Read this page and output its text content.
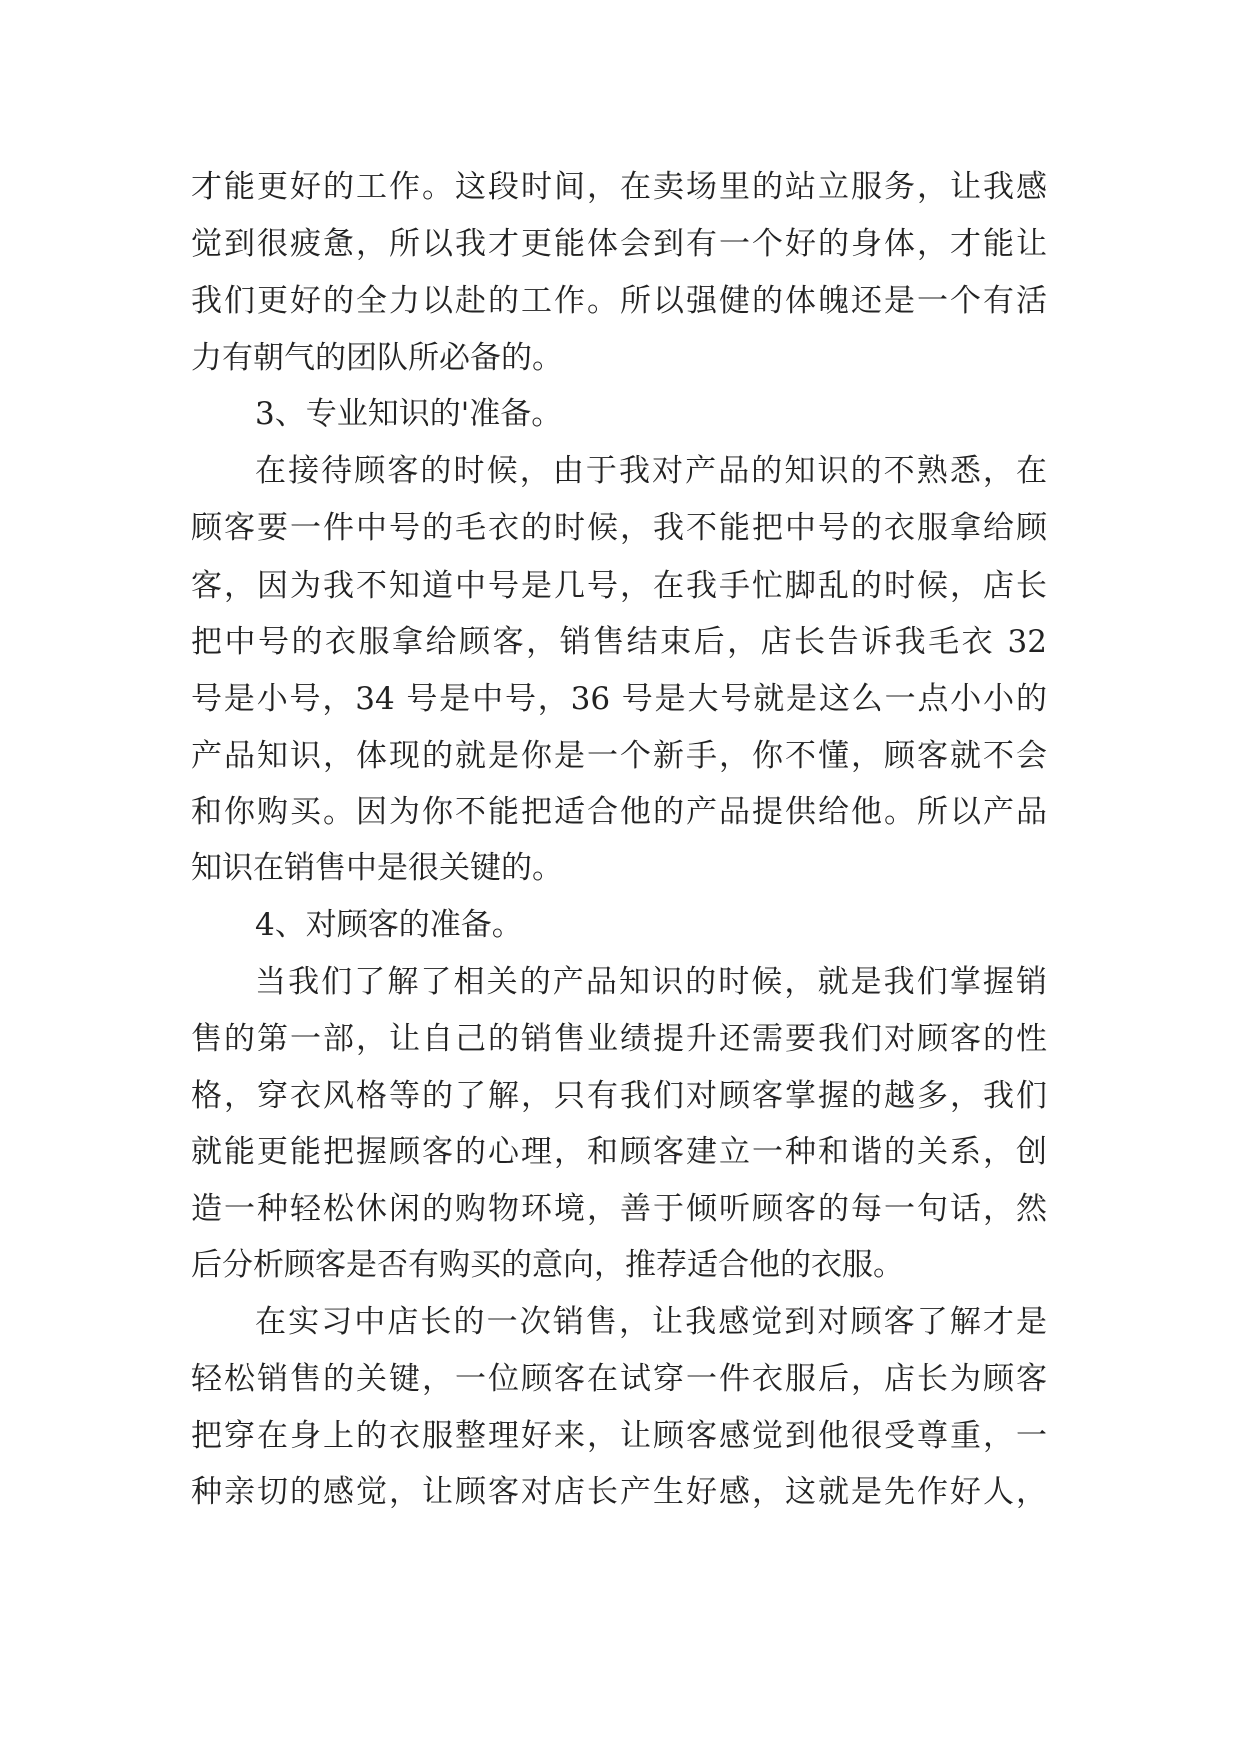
才能更好的工作。这段时间，在卖场里的站立服务，让我感
觉到很疲惫，所以我才更能体会到有一个好的身体，才能让
我们更好的全力以赴的工作。所以强健的体魄还是一个有活
力有朝气的团队所必备的。
3、专业知识的'准备。
在接待顾客的时候，由于我对产品的知识的不熟悉，在
顾客要一件中号的毛衣的时候，我不能把中号的衣服拿给顾
客，因为我不知道中号是几号，在我手忙脚乱的时候，店长
把中号的衣服拿给顾客，销售结束后，店长告诉我毛衣 32
号是小号，34 号是中号，36 号是大号就是这么一点小小的
产品知识，体现的就是你是一个新手，你不懂，顾客就不会
和你购买。因为你不能把适合他的产品提供给他。所以产品
知识在销售中是很关键的。
4、对顾客的准备。
当我们了解了相关的产品知识的时候，就是我们掌握销
售的第一部，让自己的销售业绩提升还需要我们对顾客的性
格，穿衣风格等的了解，只有我们对顾客掌握的越多，我们
就能更能把握顾客的心理，和顾客建立一种和谐的关系，创
造一种轻松休闲的购物环境，善于倾听顾客的每一句话，然
后分析顾客是否有购买的意向，推荐适合他的衣服。
在实习中店长的一次销售，让我感觉到对顾客了解才是
轻松销售的关键，一位顾客在试穿一件衣服后，店长为顾客
把穿在身上的衣服整理好来，让顾客感觉到他很受尊重，一
种亲切的感觉，让顾客对店长产生好感，这就是先作好人，
